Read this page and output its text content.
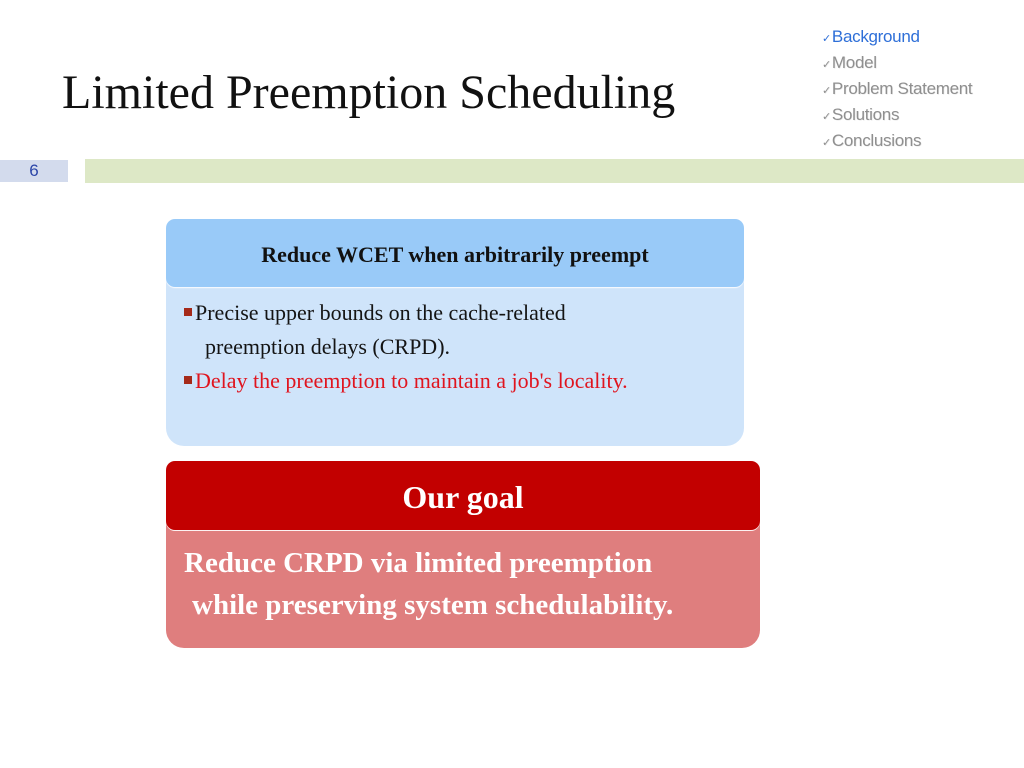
Limited Preemption Scheduling
✓Background
✓Model
✓Problem Statement
✓Solutions
✓Conclusions
6
Reduce WCET when arbitrarily preempt
Precise upper bounds on the cache-related
preemption delays (CRPD).
Delay the preemption to maintain a job's locality.
Our goal
Reduce CRPD via limited preemption
while preserving system schedulability.
